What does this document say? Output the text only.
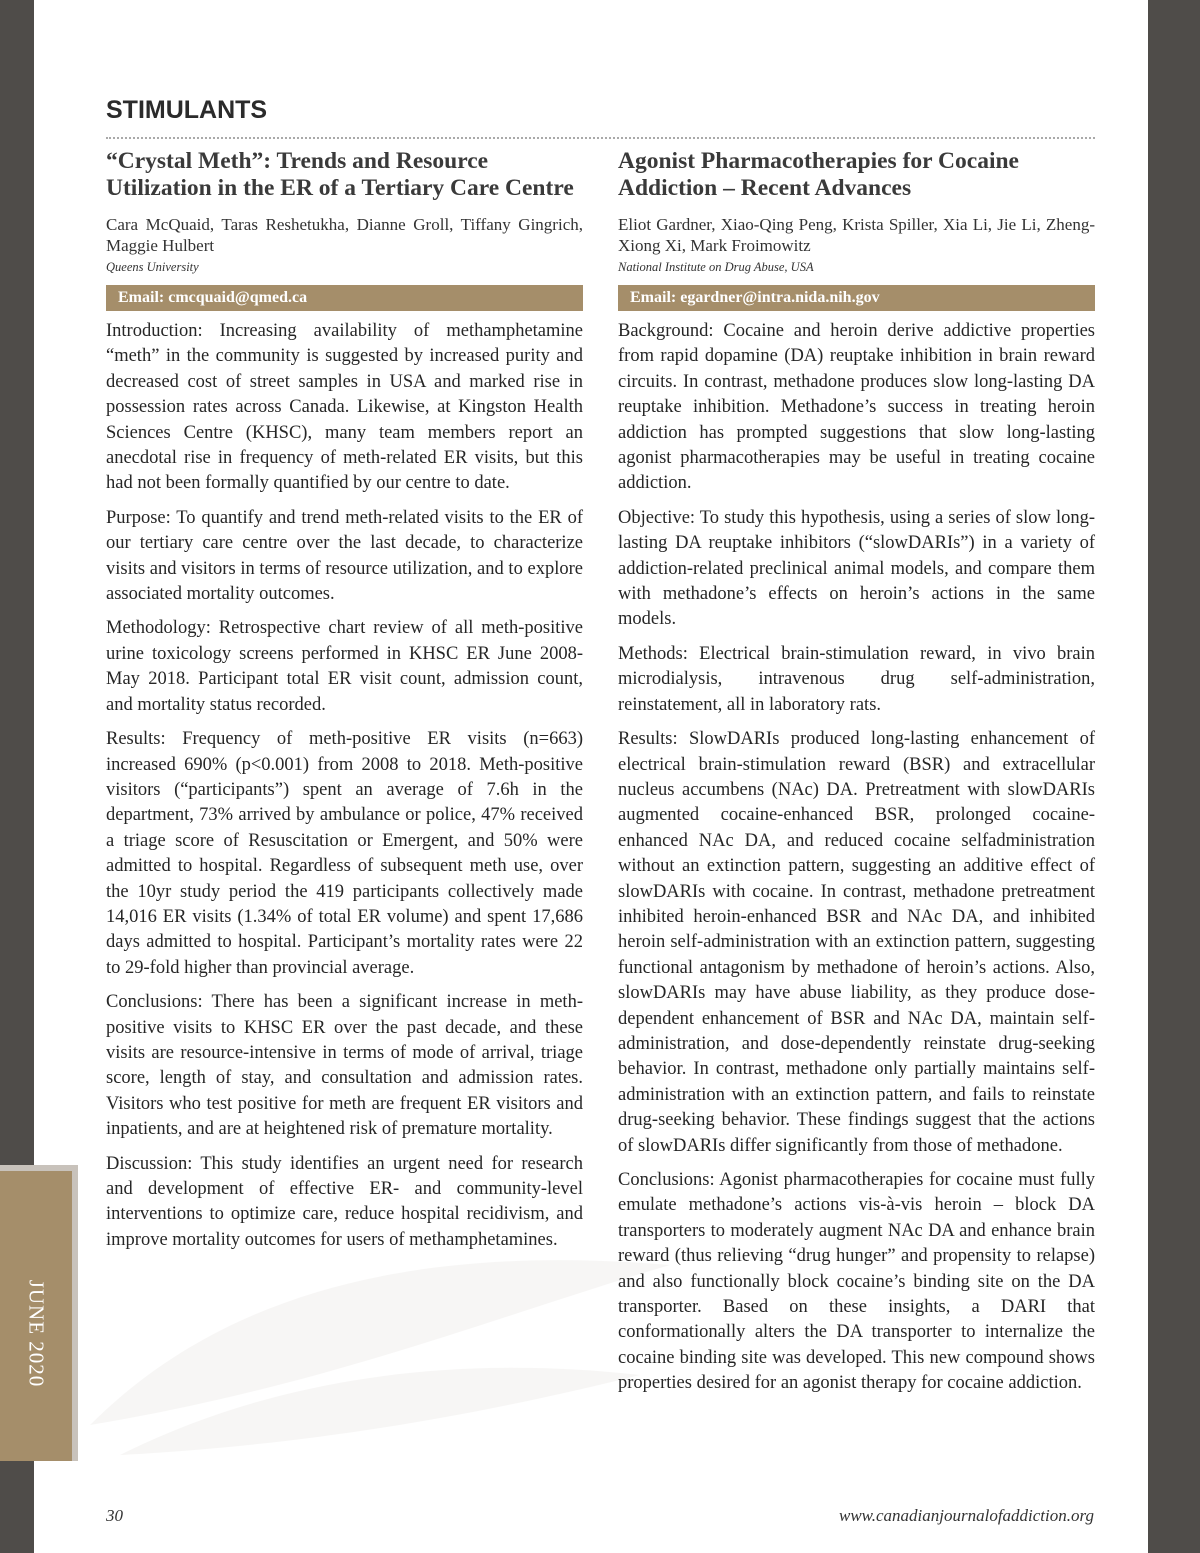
JUNE 2020
STIMULANTS
“Crystal Meth”: Trends and Resource Utilization in the ER of a Tertiary Care Centre

Cara McQuaid, Taras Reshetukha, Dianne Groll, Tiffany Gingrich, Maggie Hulbert

Queens University
Email: cmcquaid@qmed.ca

Introduction: Increasing availability of methamphetamine “meth” in the community is suggested by increased purity and decreased cost of street samples in USA and marked rise in possession rates across Canada. Likewise, at Kingston Health Sciences Centre (KHSC), many team members report an anecdotal rise in frequency of meth-related ER visits, but this had not been formally quantified by our centre to date.

Purpose: To quantify and trend meth-related visits to the ER of our tertiary care centre over the last decade, to characterize visits and visitors in terms of resource utilization, and to explore associated mortality outcomes.

Methodology: Retrospective chart review of all meth-positive urine toxicology screens performed in KHSC ER June 2008-May 2018. Participant total ER visit count, admission count, and mortality status recorded.

Results: Frequency of meth-positive ER visits (n=663) increased 690% (p<0.001) from 2008 to 2018. Meth-positive visitors (“participants”) spent an average of 7.6h in the department, 73% arrived by ambulance or police, 47% received a triage score of Resuscitation or Emergent, and 50% were admitted to hospital. Regardless of subsequent meth use, over the 10yr study period the 419 participants collectively made 14,016 ER visits (1.34% of total ER volume) and spent 17,686 days admitted to hospital. Participant’s mortality rates were 22 to 29-fold higher than provincial average.

Conclusions: There has been a significant increase in meth-positive visits to KHSC ER over the past decade, and these visits are resource-intensive in terms of mode of arrival, triage score, length of stay, and consultation and admission rates. Visitors who test positive for meth are frequent ER visitors and inpatients, and are at heightened risk of premature mortality.

Discussion: This study identifies an urgent need for research and development of effective ER- and community-level interventions to optimize care, reduce hospital recidivism, and improve mortality outcomes for users of methamphetamines.

Agonist Pharmacotherapies for Cocaine Addiction – Recent Advances

Eliot Gardner, Xiao-Qing Peng, Krista Spiller, Xia Li, Jie Li, Zheng-Xiong Xi, Mark Froimowitz

National Institute on Drug Abuse, USA
Email: egardner@intra.nida.nih.gov

Background: Cocaine and heroin derive addictive properties from rapid dopamine (DA) reuptake inhibition in brain reward circuits. In contrast, methadone produces slow long-lasting DA reuptake inhibition. Methadone’s success in treating heroin addiction has prompted suggestions that slow long-lasting agonist pharmacotherapies may be useful in treating cocaine addiction.

Objective: To study this hypothesis, using a series of slow long-lasting DA reuptake inhibitors (“slowDARIs”) in a variety of addiction-related preclinical animal models, and compare them with methadone’s effects on heroin’s actions in the same models.

Methods: Electrical brain-stimulation reward, in vivo brain microdialysis, intravenous drug self-administration, reinstatement, all in laboratory rats.

Results: SlowDARIs produced long-lasting enhancement of electrical brain-stimulation reward (BSR) and extracellular nucleus accumbens (NAc) DA. Pretreatment with slowDARIs augmented cocaine-enhanced BSR, prolonged cocaine-enhanced NAc DA, and reduced cocaine selfadministration without an extinction pattern, suggesting an additive effect of slowDARIs with cocaine. In contrast, methadone pretreatment inhibited heroin-enhanced BSR and NAc DA, and inhibited heroin self-administration with an extinction pattern, suggesting functional antagonism by methadone of heroin’s actions. Also, slowDARIs may have abuse liability, as they produce dose-dependent enhancement of BSR and NAc DA, maintain self-administration, and dose-dependently reinstate drug-seeking behavior. In contrast, methadone only partially maintains self-administration with an extinction pattern, and fails to reinstate drug-seeking behavior. These findings suggest that the actions of slowDARIs differ significantly from those of methadone.

Conclusions: Agonist pharmacotherapies for cocaine must fully emulate methadone’s actions vis-à-vis heroin – block DA transporters to moderately augment NAc DA and enhance brain reward (thus relieving “drug hunger” and propensity to relapse) and also functionally block cocaine’s binding site on the DA transporter. Based on these insights, a DARI that conformationally alters the DA transporter to internalize the cocaine binding site was developed. This new compound shows properties desired for an agonist therapy for cocaine addiction.

30	www.canadianjournalofaddiction.org
